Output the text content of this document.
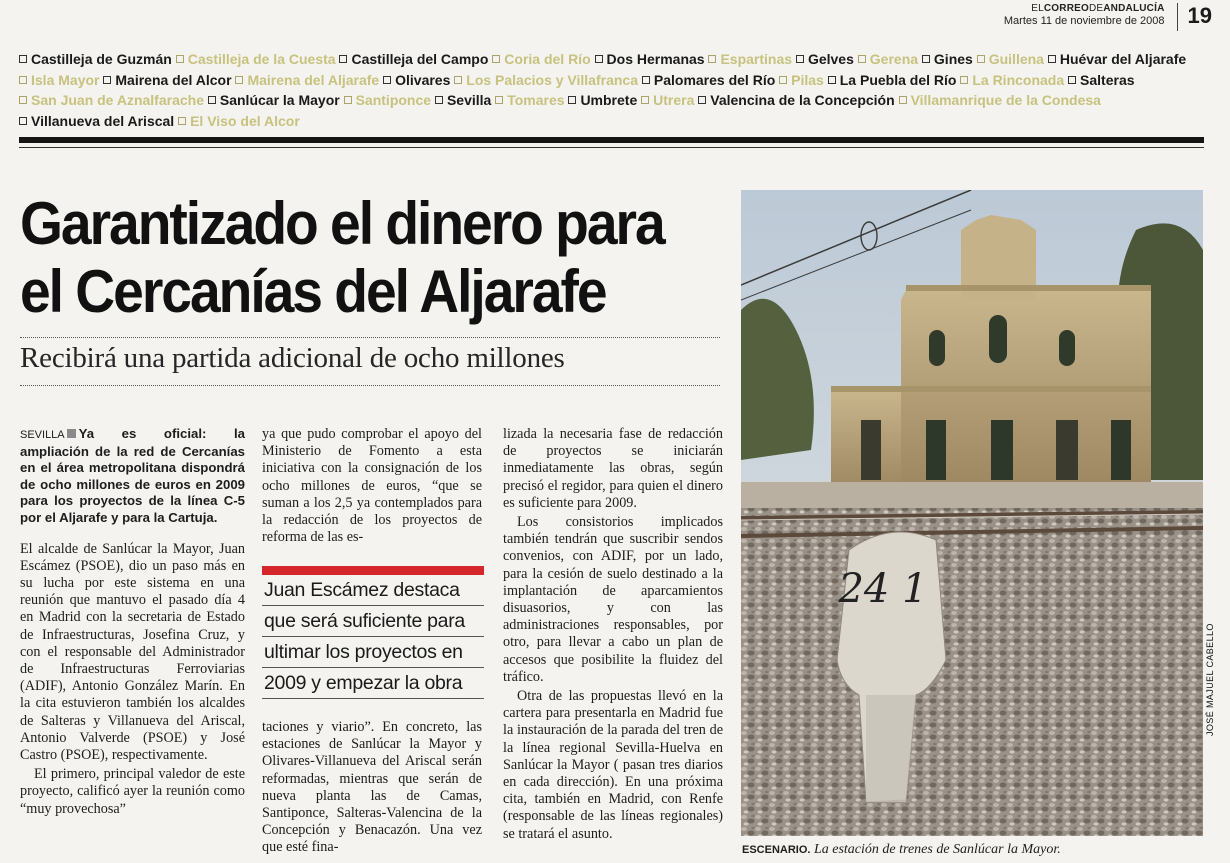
ELCORREODEANDALUCÍA
Martes 11 de noviembre de 2008 19
Castilleja de Guzmán Castilleja de la Cuesta Castilleja del Campo Coria del Río Dos Hermanas Espartinas Gelves Gerena Gines Guillena Huévar del Aljarafe Isla Mayor Mairena del Alcor Mairena del Aljarafe Olivares Los Palacios y Villafranca Palomares del Río Pilas La Puebla del Río La Rinconada Salteras San Juan de Aznalfarache Sanlúcar la Mayor Santiponce Sevilla Tomares Umbrete Utrera Valencina de la Concepción Villamanrique de la Condesa Villanueva del Ariscal El Viso del Alcor
Garantizado el dinero para
el Cercanías del Aljarafe
Recibirá una partida adicional de ocho millones
SEVILLA Ya es oficial: la ampliación de la red de Cercanías en el área metropolitana dispondrá de ocho millones de euros en 2009 para los proyectos de la línea C-5 por el Aljarafe y para la Cartuja.

El alcalde de Sanlúcar la Mayor, Juan Escámez (PSOE), dio un paso más en su lucha por este sistema en una reunión que mantuvo el pasado día 4 en Madrid con la secretaria de Estado de Infraestructuras, Josefina Cruz, y con el responsable del Administrador de Infraestructuras Ferroviarias (ADIF), Antonio González Marín. En la cita estuvieron también los alcaldes de Salteras y Villanueva del Ariscal, Antonio Valverde (PSOE) y José Castro (PSOE), respectivamente.

El primero, principal valedor de este proyecto, calificó ayer la reunión como “muy provechosa”

ya que pudo comprobar el apoyo del Ministerio de Fomento a esta iniciativa con la consignación de los ocho millones de euros, “que se suman a los 2,5 ya contemplados para la redacción de los proyectos de reforma de las es-

Juan Escámez destaca
que será suficiente para
ultimar los proyectos en
2009 y empezar la obra

taciones y viario”. En concreto, las estaciones de Sanlúcar la Mayor y Olivares-Villanueva del Ariscal serán reformadas, mientras que serán de nueva planta las de Camas, Santiponce, Salteras-Valencina de la Concepción y Benacazón. Una vez que esté fina-

lizada la necesaria fase de redacción de proyectos se iniciarán inmediatamente las obras, según precisó el regidor, para quien el dinero es suficiente para 2009.

Los consistorios implicados también tendrán que suscribir sendos convenios, con ADIF, por un lado, para la cesión de suelo destinado a la implantación de aparcamientos disuasorios, y con las administraciones responsables, por otro, para llevar a cabo un plan de accesos que posibilite la fluidez del tráfico.

Otra de las propuestas llevó en la cartera para presentarla en Madrid fue la instauración de la parada del tren de la línea regional Sevilla-Huelva en Sanlúcar la Mayor ( pasan tres diarios en cada dirección). En una próxima cita, también en Madrid, con Renfe (responsable de las líneas regionales) se tratará el asunto.

24 1
JOSÉ MAJUEL CABELLO
ESCENARIO. La estación de trenes de Sanlúcar la Mayor.
